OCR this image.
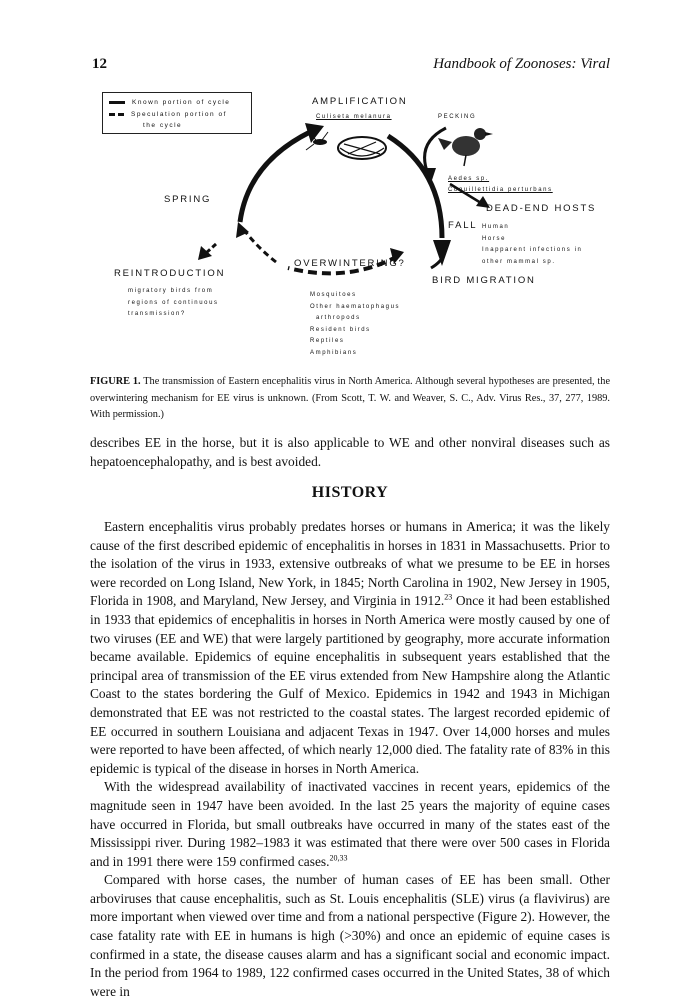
12	Handbook of Zoonoses: Viral
Known portion of cycle
Speculation portion of
the cycle
AMPLIFICATION
Culiseta melanura	PECKING
SPRING
Aedes sp.
Coquillettidia perturbans
DEAD-END HOSTS
FALL Human
Horse
Inapparent infections in
other mammal sp.
REINTRODUCTION
migratory birds from
regions of continuous
transmission?
OVERWINTERING?
BIRD MIGRATION
Mosquitoes
Other haematophagus
arthropods
Resident birds
Reptiles
Amphibians
FIGURE 1. The transmission of Eastern encephalitis virus in North America. Although several hypotheses are presented, the overwintering mechanism for EE virus is unknown. (From Scott, T. W. and Weaver, S. C., Adv. Virus Res., 37, 277, 1989. With permission.)

describes EE in the horse, but it is also applicable to WE and other nonviral diseases such as hepatoencephalopathy, and is best avoided.

HISTORY

Eastern encephalitis virus probably predates horses or humans in America; it was the likely cause of the first described epidemic of encephalitis in horses in 1831 in Massachusetts. Prior to the isolation of the virus in 1933, extensive outbreaks of what we presume to be EE in horses were recorded on Long Island, New York, in 1845; North Carolina in 1902, New Jersey in 1905, Florida in 1908, and Maryland, New Jersey, and Virginia in 1912.23 Once it had been established in 1933 that epidemics of encephalitis in horses in North America were mostly caused by one of two viruses (EE and WE) that were largely partitioned by geography, more accurate information became available. Epidemics of equine encephalitis in subsequent years established that the principal area of transmission of the EE virus extended from New Hampshire along the Atlantic Coast to the states bordering the Gulf of Mexico. Epidemics in 1942 and 1943 in Michigan demonstrated that EE was not restricted to the coastal states. The largest recorded epidemic of EE occurred in southern Louisiana and adjacent Texas in 1947. Over 14,000 horses and mules were reported to have been affected, of which nearly 12,000 died. The fatality rate of 83% in this epidemic is typical of the disease in horses in North America.

With the widespread availability of inactivated vaccines in recent years, epidemics of the magnitude seen in 1947 have been avoided. In the last 25 years the majority of equine cases have occurred in Florida, but small outbreaks have occurred in many of the states east of the Mississippi river. During 1982–1983 it was estimated that there were over 500 cases in Florida and in 1991 there were 159 confirmed cases.$^{20,33}$

Compared with horse cases, the number of human cases of EE has been small. Other arboviruses that cause encephalitis, such as St. Louis encephalitis (SLE) virus (a flavivirus) are more important when viewed over time and from a national perspective (Figure 2). However, the case fatality rate with EE in humans is high (>30%) and once an epidemic of equine cases is confirmed in a state, the disease causes alarm and has a significant social and economic impact. In the period from 1964 to 1989, 122 confirmed cases occurred in the United States, 38 of which were in
